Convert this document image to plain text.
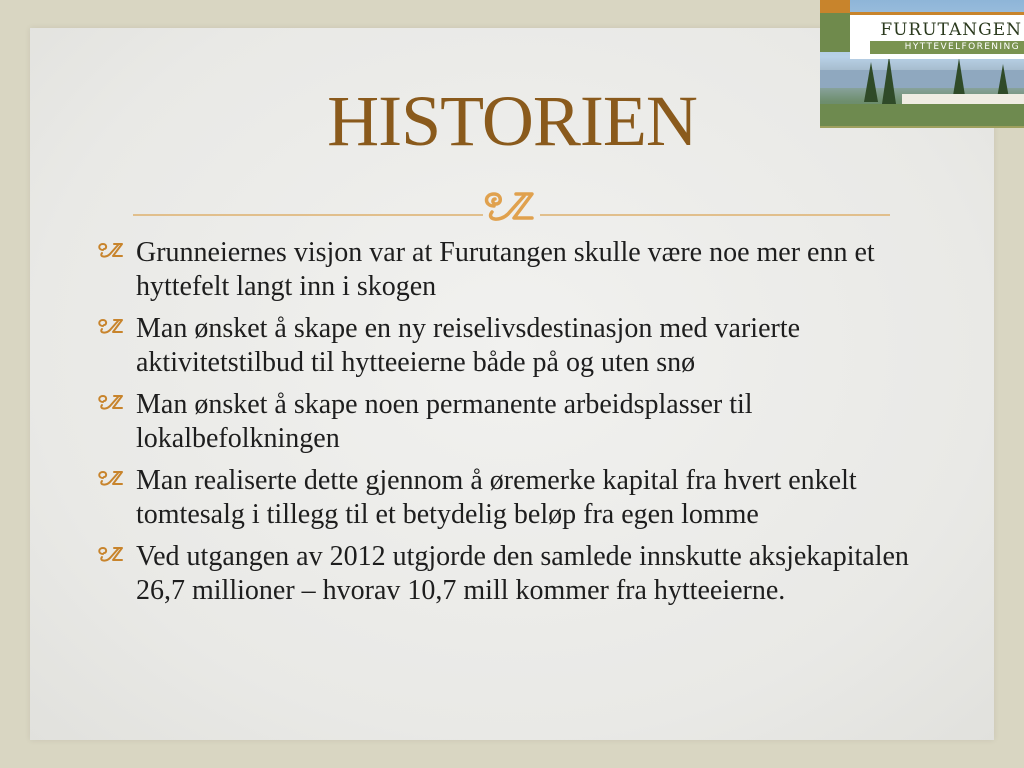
FURUTANGEN
HYTTEVELFORENING
HISTORIEN
Grunneiernes visjon var at Furutangen skulle være noe mer enn et hyttefelt langt inn i skogen
Man ønsket å skape en ny reiselivsdestinasjon med varierte aktivitetstilbud til hytteeierne både på og uten snø
Man ønsket å skape noen permanente arbeidsplasser til lokalbefolkningen
Man realiserte dette gjennom å øremerke kapital fra hvert enkelt tomtesalg i tillegg til et betydelig beløp fra egen lomme
Ved utgangen av 2012 utgjorde den samlede innskutte aksjekapitalen 26,7 millioner – hvorav 10,7 mill kommer fra hytteeierne.
